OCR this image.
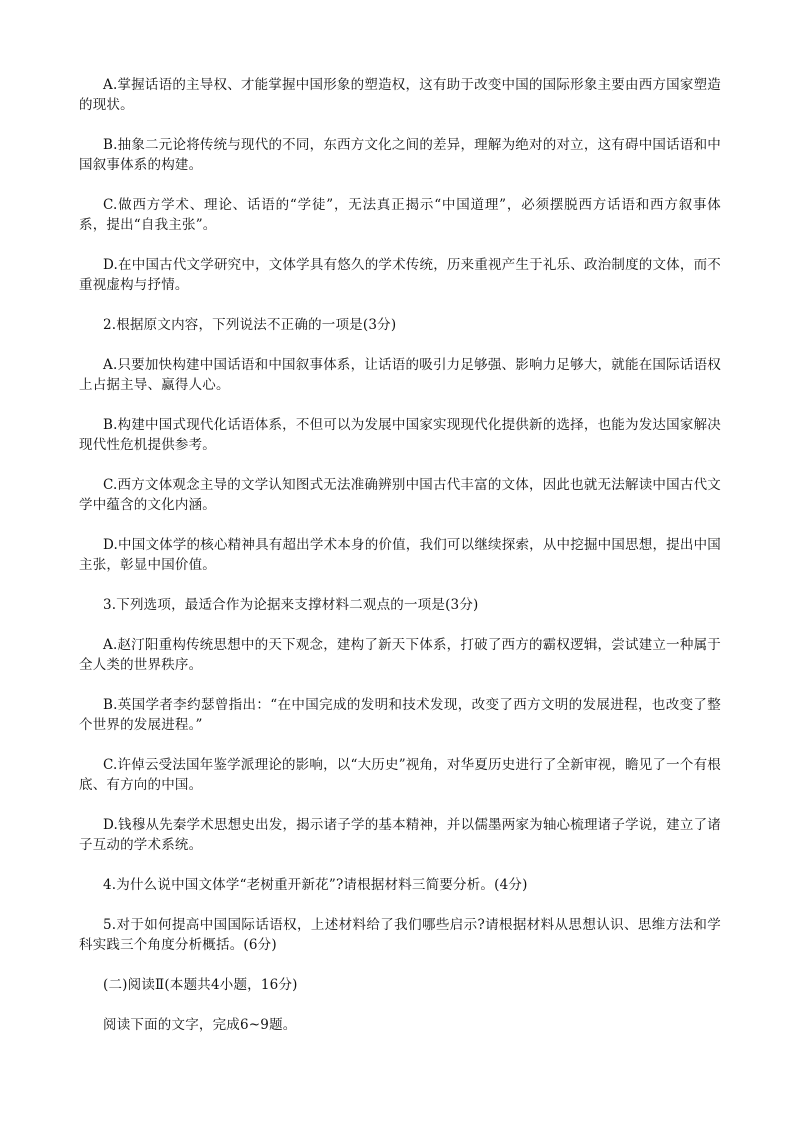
A.掌握话语的主导权、才能掌握中国形象的塑造权，这有助于改变中国的国际形象主要由西方国家塑造的现状。

B.抽象二元论将传统与现代的不同，东西方文化之间的差异，理解为绝对的对立，这有碍中国话语和中国叙事体系的构建。

C.做西方学术、理论、话语的“学徒”，无法真正揭示“中国道理”，必须摆脱西方话语和西方叙事体系，提出“自我主张”。

D.在中国古代文学研究中，文体学具有悠久的学术传统，历来重视产生于礼乐、政治制度的文体，而不重视虚构与抒情。

2.根据原文内容，下列说法不正确的一项是(3分)

A.只要加快构建中国话语和中国叙事体系，让话语的吸引力足够强、影响力足够大，就能在国际话语权上占据主导、赢得人心。

B.构建中国式现代化话语体系，不但可以为发展中国家实现现代化提供新的选择，也能为发达国家解决现代性危机提供参考。

C.西方文体观念主导的文学认知图式无法准确辨别中国古代丰富的文体，因此也就无法解读中国古代文学中蕴含的文化内涵。

D.中国文体学的核心精神具有超出学术本身的价值，我们可以继续探索，从中挖掘中国思想，提出中国主张，彰显中国价值。

3.下列选项，最适合作为论据来支撑材料二观点的一项是(3分)

A.赵汀阳重构传统思想中的天下观念，建构了新天下体系，打破了西方的霸权逻辑，尝试建立一种属于全人类的世界秩序。

B.英国学者李约瑟曾指出：“在中国完成的发明和技术发现，改变了西方文明的发展进程，也改变了整个世界的发展进程。”

C.许倬云受法国年鉴学派理论的影响，以“大历史”视角，对华夏历史进行了全新审视，瞻见了一个有根底、有方向的中国。

D.钱穆从先秦学术思想史出发，揭示诸子学的基本精神，并以儒墨两家为轴心梳理诸子学说，建立了诸子互动的学术系统。

4.为什么说中国文体学“老树重开新花”?请根据材料三简要分析。(4分)

5.对于如何提高中国国际话语权，上述材料给了我们哪些启示?请根据材料从思想认识、思维方法和学科实践三个角度分析概括。(6分)

(二)阅读Ⅱ(本题共4小题，16分)

阅读下面的文字，完成6~9题。
